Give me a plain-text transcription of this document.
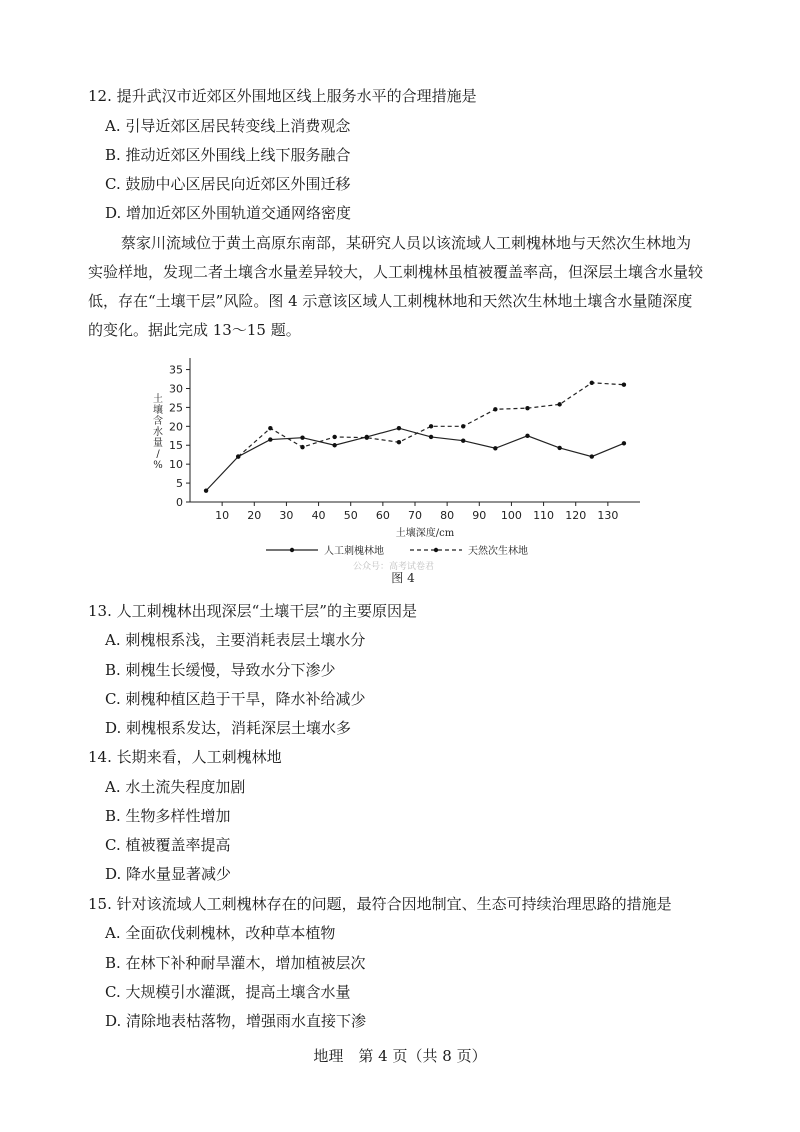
12. 提升武汉市近郊区外围地区线上服务水平的合理措施是
A. 引导近郊区居民转变线上消费观念
B. 推动近郊区外围线上线下服务融合
C. 鼓励中心区居民向近郊区外围迁移
D. 增加近郊区外围轨道交通网络密度
蔡家川流域位于黄土高原东南部，某研究人员以该流域人工刺槐林地与天然次生林地为
实验样地，发现二者土壤含水量差异较大，人工刺槐林虽植被覆盖率高，但深层土壤含水量较
低，存在“土壤干层”风险。图 4 示意该区域人工刺槐林地和天然次生林地土壤含水量随深度
的变化。据此完成 13～15 题。
0
5
10
15
20
25
30
35
10 20 30 40 50 60 70 80 90 100 110 120 130
土壤深度/cm
土壤含水量/ %
人工刺槐林地	天然次生林地
图 4
公众号：高考试卷君
13. 人工刺槐林出现深层“土壤干层”的主要原因是
A. 刺槐根系浅，主要消耗表层土壤水分
B. 刺槐生长缓慢，导致水分下渗少
C. 刺槐种植区趋于干旱，降水补给减少
D. 刺槐根系发达，消耗深层土壤水多
14. 长期来看，人工刺槐林地
A. 水土流失程度加剧
B. 生物多样性增加
C. 植被覆盖率提高
D. 降水量显著减少
15. 针对该流域人工刺槐林存在的问题，最符合因地制宜、生态可持续治理思路的措施是
A. 全面砍伐刺槐林，改种草本植物
B. 在林下补种耐旱灌木，增加植被层次
C. 大规模引水灌溉，提高土壤含水量
D. 清除地表枯落物，增强雨水直接下渗
地理　第 4 页（共 8 页）
